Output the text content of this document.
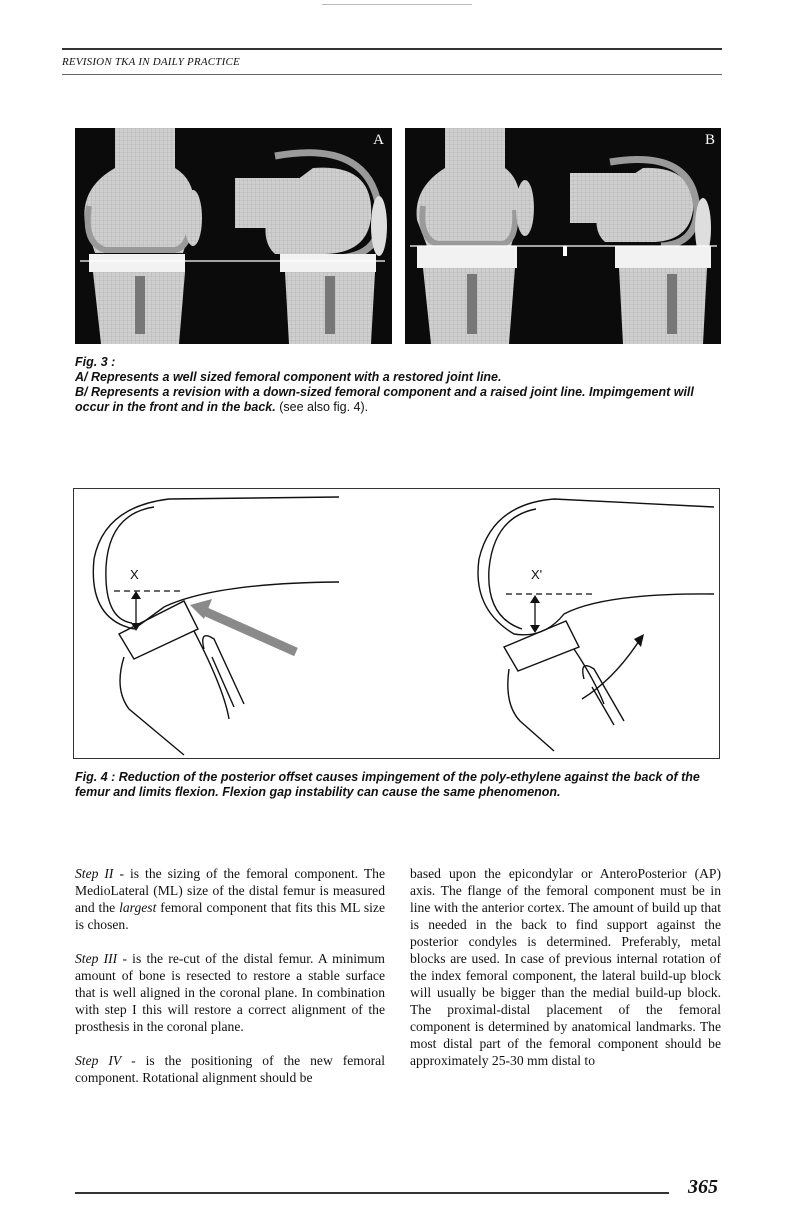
REVISION TKA IN DAILY PRACTICE
A	B
Fig. 3 :
A/ Represents a well sized femoral component with a restored joint line.
B/ Represents a revision with a down-sized femoral component and a raised joint line. Impimgement will occur in the front and in the back. (see also fig. 4).
X	X'
Fig. 4 : Reduction of the posterior offset causes impingement of the poly-ethylene against the back of the femur and limits flexion. Flexion gap instability can cause the same phenomenon.

Step II - is the sizing of the femoral component. The MedioLateral (ML) size of the distal femur is measured and the largest femoral component that fits this ML size is chosen.

Step III - is the re-cut of the distal femur. A minimum amount of bone is resected to restore a stable surface that is well aligned in the coronal plane. In combination with step I this will restore a correct alignment of the prosthesis in the coronal plane.

Step IV - is the positioning of the new femoral component. Rotational alignment should be

based upon the epicondylar or AnteroPosterior (AP) axis. The flange of the femoral component must be in line with the anterior cortex. The amount of build up that is needed in the back to find support against the posterior condyles is determined. Preferably, metal blocks are used. In case of previous internal rotation of the index femoral component, the lateral build-up block will usually be bigger than the medial build-up block. The proximal-distal placement of the femoral component is determined by anatomical landmarks. The most distal part of the femoral component should be approximately 25-30 mm distal to

365
